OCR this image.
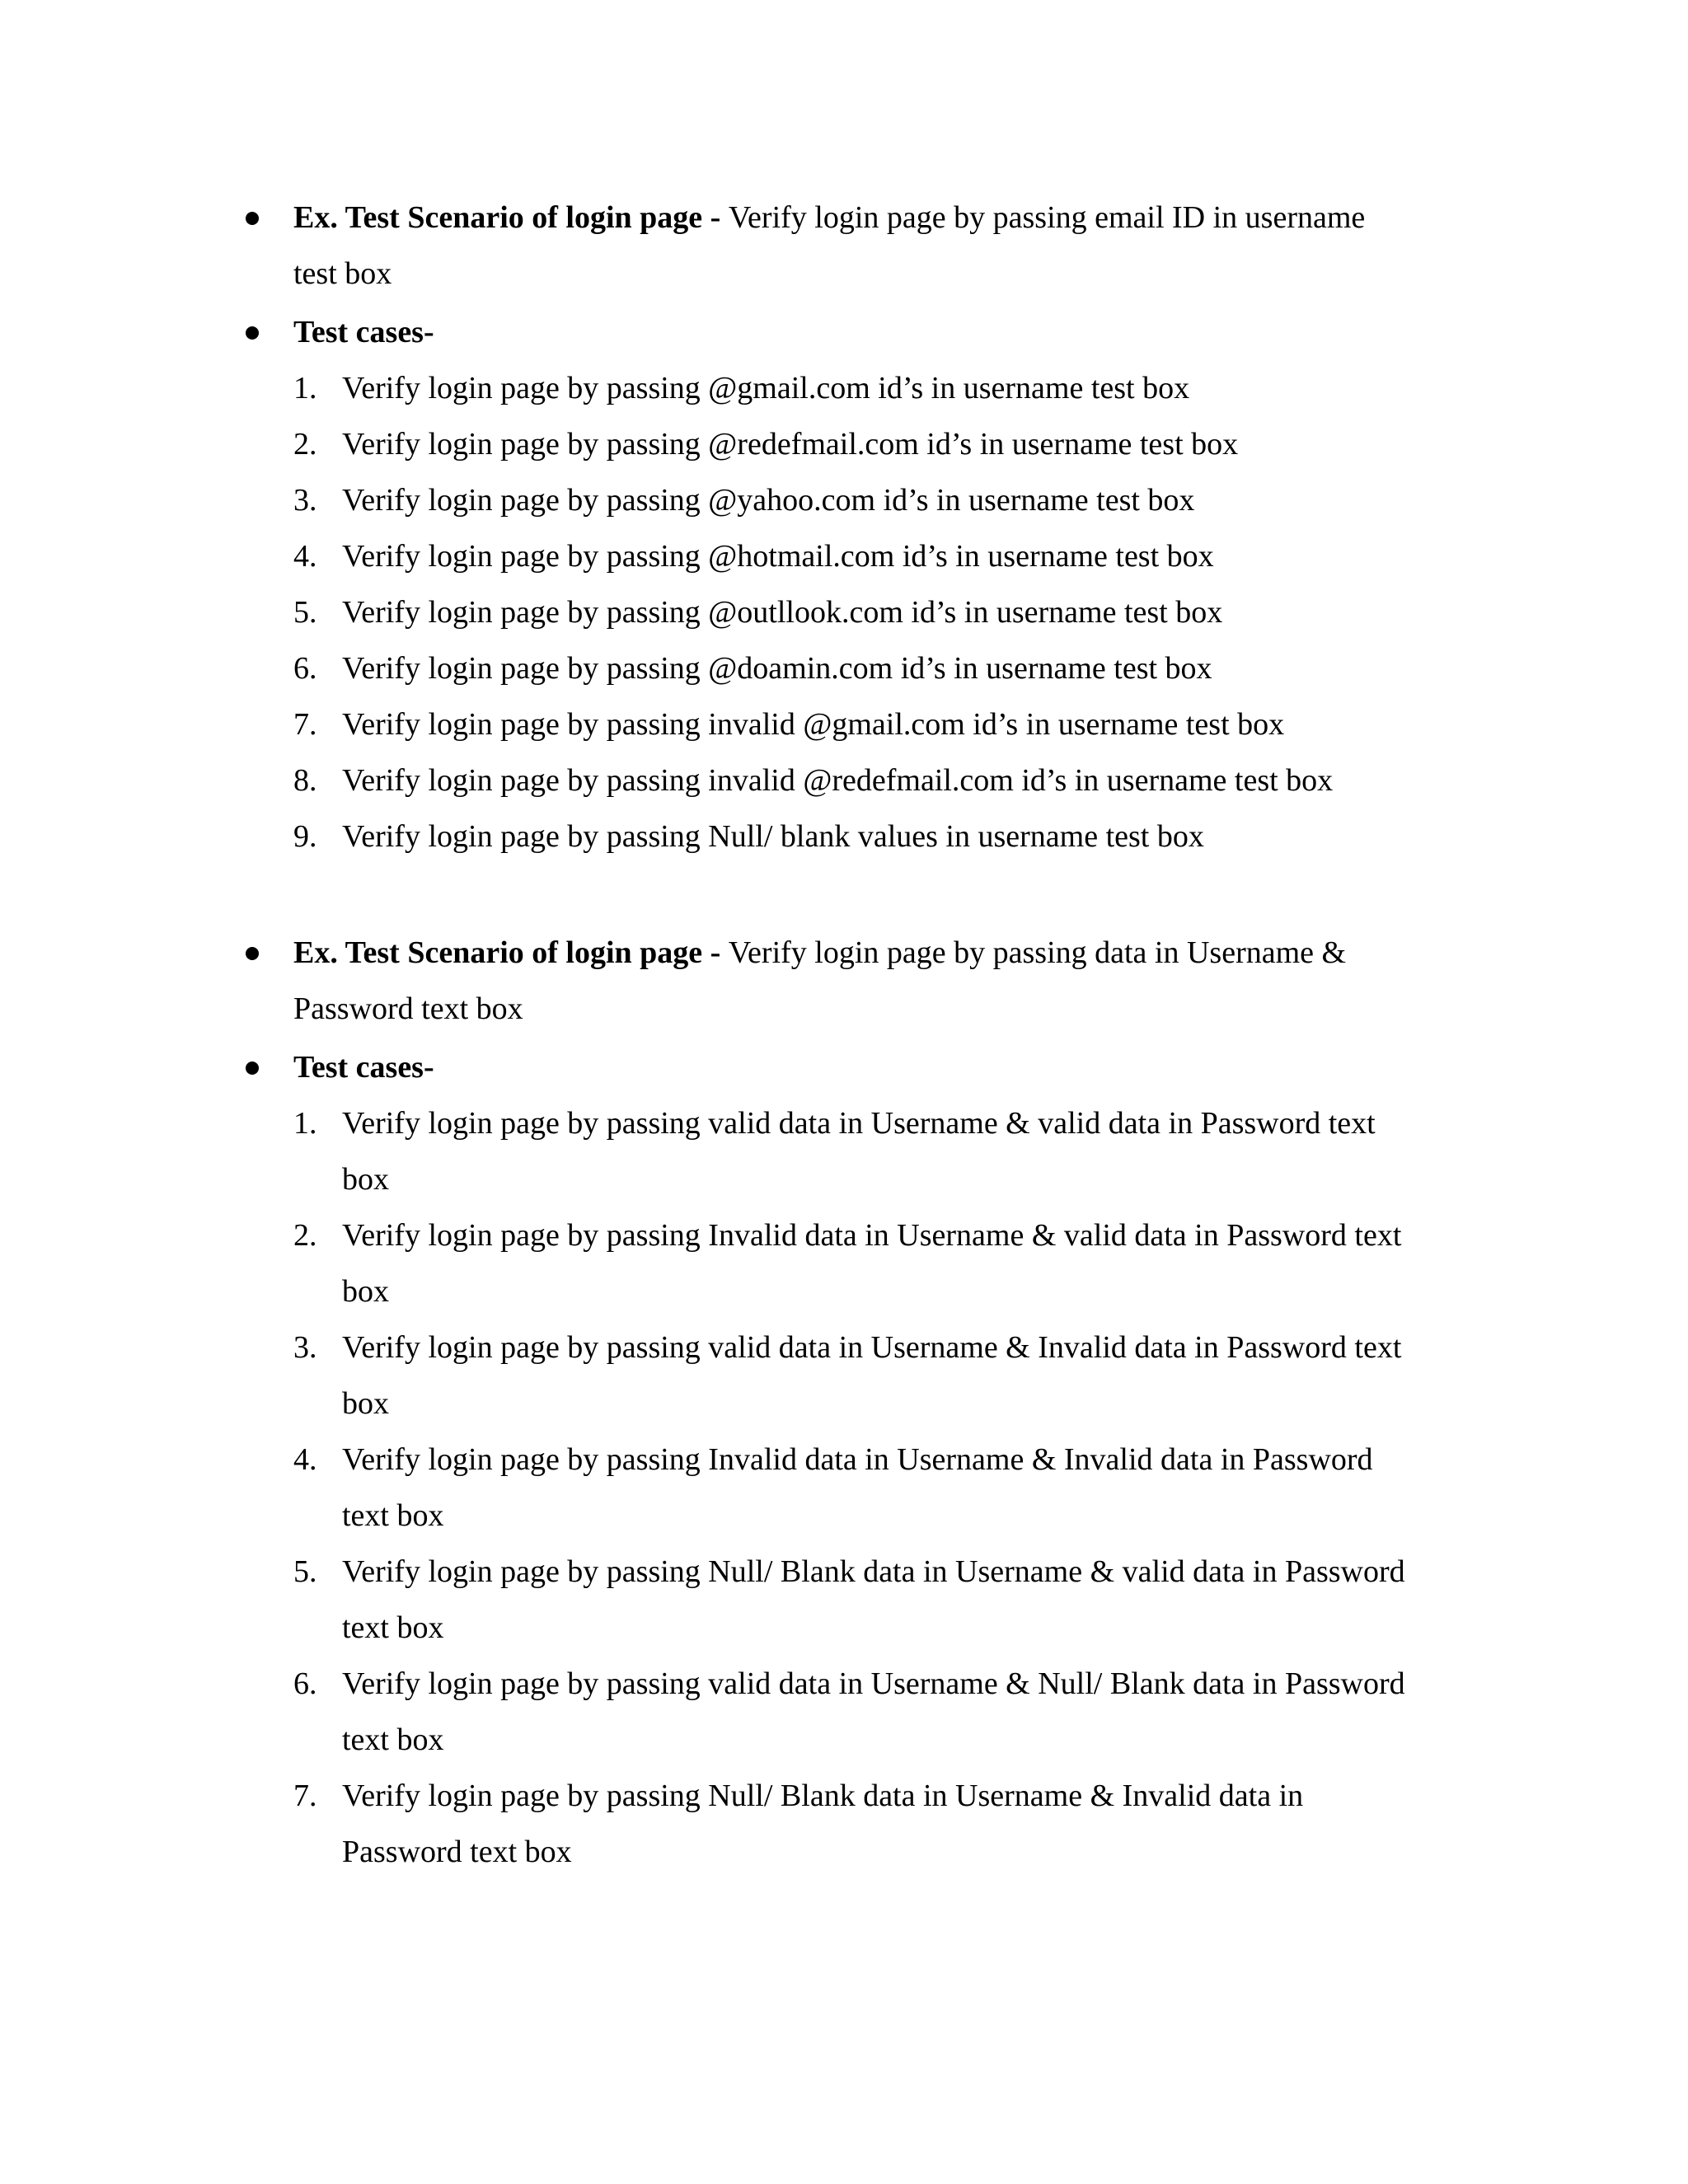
Ex. Test Scenario of login page - Verify login page by passing email ID in username
test box
Test cases-
1. Verify login page by passing @gmail.com id’s in username test box
2. Verify login page by passing @redefmail.com id’s in username test box
3. Verify login page by passing @yahoo.com id’s in username test box
4. Verify login page by passing @hotmail.com id’s in username test box
5. Verify login page by passing @outllook.com id’s in username test box
6. Verify login page by passing @doamin.com id’s in username test box
7. Verify login page by passing invalid @gmail.com id’s in username test box
8. Verify login page by passing invalid @redefmail.com id’s in username test box
9. Verify login page by passing Null/ blank values in username test box
Ex. Test Scenario of login page - Verify login page by passing data in Username &
Password text box
Test cases-
1. Verify login page by passing valid data in Username & valid data in Password text
box
2. Verify login page by passing Invalid data in Username & valid data in Password text
box
3. Verify login page by passing valid data in Username & Invalid data in Password text
box
4. Verify login page by passing Invalid data in Username & Invalid data in Password
text box
5. Verify login page by passing Null/ Blank data in Username & valid data in Password
text box
6. Verify login page by passing valid data in Username & Null/ Blank data in Password
text box
7. Verify login page by passing Null/ Blank data in Username & Invalid data in
Password text box
